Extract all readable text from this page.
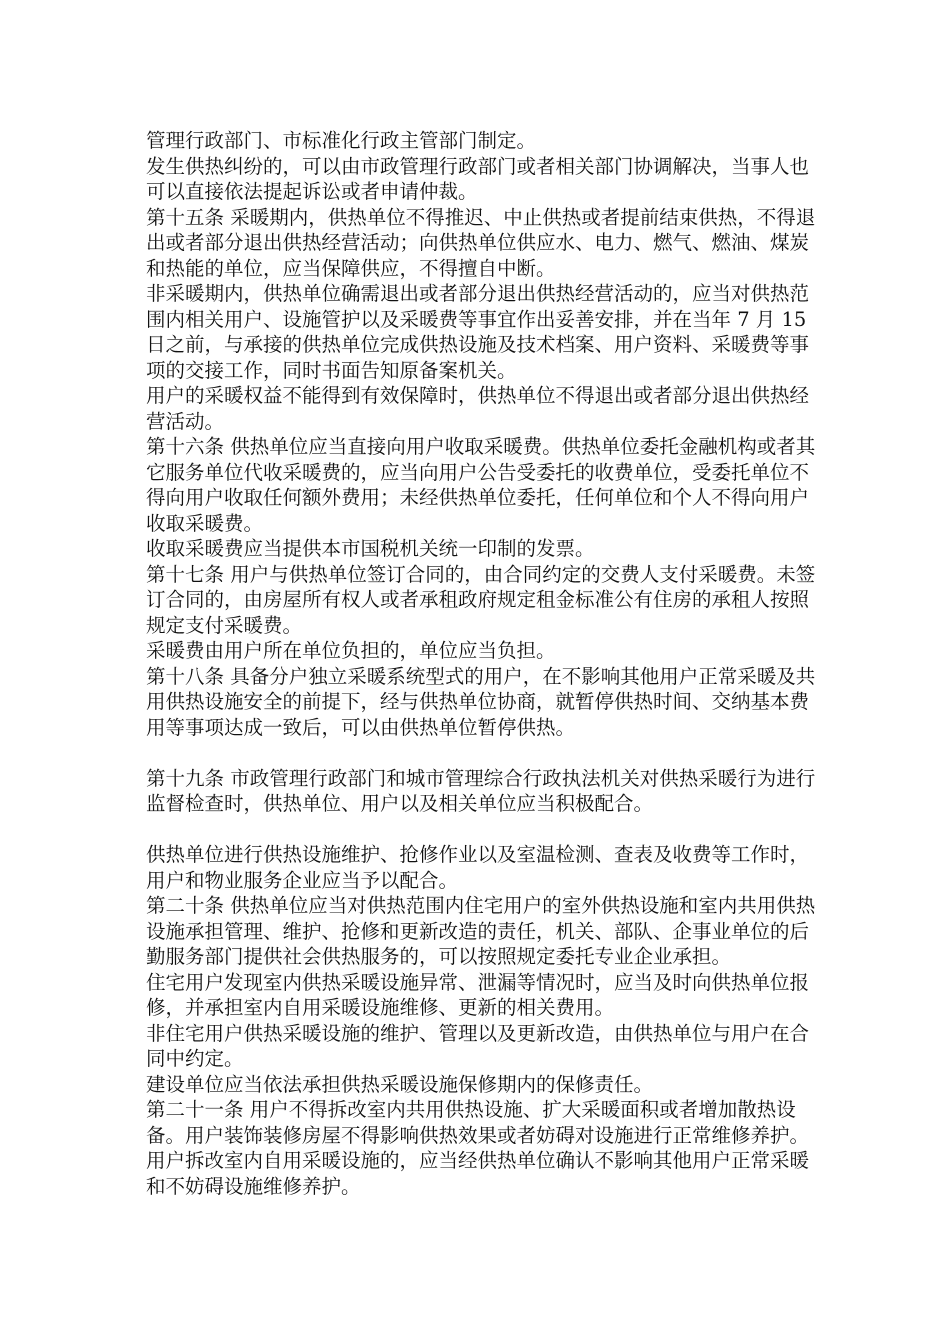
管理行政部门、市标准化行政主管部门制定。

发生供热纠纷的，可以由市政管理行政部门或者相关部门协调解决，当事人也可以直接依法提起诉讼或者申请仲裁。

第十五条 采暖期内，供热单位不得推迟、中止供热或者提前结束供热，不得退出或者部分退出供热经营活动；向供热单位供应水、电力、燃气、燃油、煤炭和热能的单位，应当保障供应，不得擅自中断。

非采暖期内，供热单位确需退出或者部分退出供热经营活动的，应当对供热范围内相关用户、设施管护以及采暖费等事宜作出妥善安排，并在当年 7 月 15 日之前，与承接的供热单位完成供热设施及技术档案、用户资料、采暖费等事项的交接工作，同时书面告知原备案机关。

用户的采暖权益不能得到有效保障时，供热单位不得退出或者部分退出供热经营活动。

第十六条 供热单位应当直接向用户收取采暖费。供热单位委托金融机构或者其它服务单位代收采暖费的，应当向用户公告受委托的收费单位，受委托单位不得向用户收取任何额外费用；未经供热单位委托，任何单位和个人不得向用户收取采暖费。

收取采暖费应当提供本市国税机关统一印制的发票。

第十七条 用户与供热单位签订合同的，由合同约定的交费人支付采暖费。未签订合同的，由房屋所有权人或者承租政府规定租金标准公有住房的承租人按照规定支付采暖费。

采暖费由用户所在单位负担的，单位应当负担。

第十八条 具备分户独立采暖系统型式的用户，在不影响其他用户正常采暖及共用供热设施安全的前提下，经与供热单位协商，就暂停供热时间、交纳基本费用等事项达成一致后，可以由供热单位暂停供热。

第十九条 市政管理行政部门和城市管理综合行政执法机关对供热采暖行为进行监督检查时，供热单位、用户以及相关单位应当积极配合。

供热单位进行供热设施维护、抢修作业以及室温检测、查表及收费等工作时，用户和物业服务企业应当予以配合。

第二十条 供热单位应当对供热范围内住宅用户的室外供热设施和室内共用供热设施承担管理、维护、抢修和更新改造的责任，机关、部队、企事业单位的后勤服务部门提供社会供热服务的，可以按照规定委托专业企业承担。

住宅用户发现室内供热采暖设施异常、泄漏等情况时，应当及时向供热单位报修，并承担室内自用采暖设施维修、更新的相关费用。

非住宅用户供热采暖设施的维护、管理以及更新改造，由供热单位与用户在合同中约定。

建设单位应当依法承担供热采暖设施保修期内的保修责任。

第二十一条 用户不得拆改室内共用供热设施、扩大采暖面积或者增加散热设备。用户装饰装修房屋不得影响供热效果或者妨碍对设施进行正常维修养护。

用户拆改室内自用采暖设施的，应当经供热单位确认不影响其他用户正常采暖和不妨碍设施维修养护。
